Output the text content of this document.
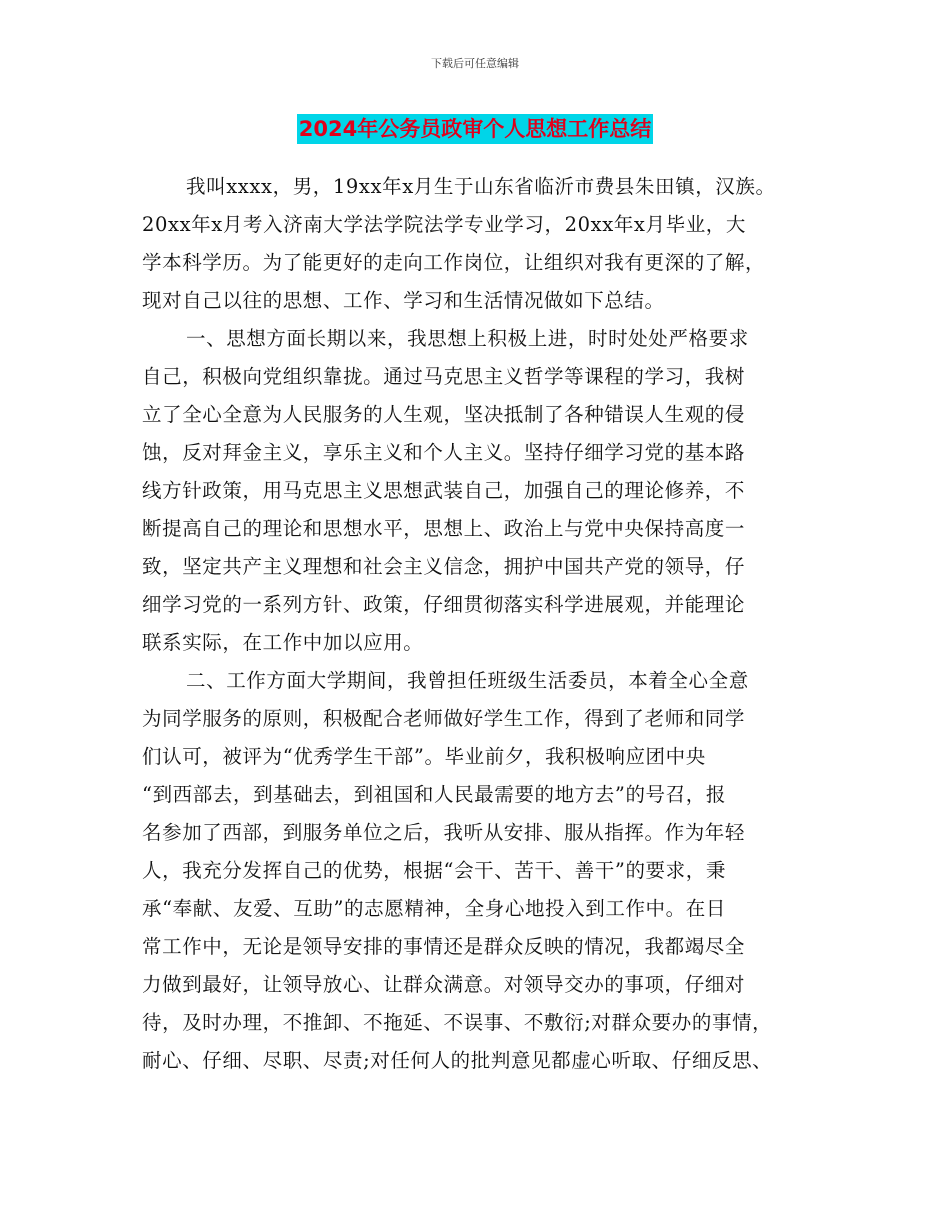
下载后可任意编辑
2024年公务员政审个人思想工作总结
我叫xxxx，男，19xx年x月生于山东省临沂市费县朱田镇，汉族。
20xx年x月考入济南大学法学院法学专业学习，20xx年x月毕业，大
学本科学历。为了能更好的走向工作岗位，让组织对我有更深的了解，
现对自己以往的思想、工作、学习和生活情况做如下总结。
一、思想方面长期以来，我思想上积极上进，时时处处严格要求
自己，积极向党组织靠拢。通过马克思主义哲学等课程的学习，我树
立了全心全意为人民服务的人生观，坚决抵制了各种错误人生观的侵
蚀，反对拜金主义，享乐主义和个人主义。坚持仔细学习党的基本路
线方针政策，用马克思主义思想武装自己，加强自己的理论修养，不
断提高自己的理论和思想水平，思想上、政治上与党中央保持高度一
致，坚定共产主义理想和社会主义信念，拥护中国共产党的领导，仔
细学习党的一系列方针、政策，仔细贯彻落实科学进展观，并能理论
联系实际，在工作中加以应用。
二、工作方面大学期间，我曾担任班级生活委员，本着全心全意
为同学服务的原则，积极配合老师做好学生工作，得到了老师和同学
们认可，被评为“优秀学生干部”。毕业前夕，我积极响应团中央
“到西部去，到基础去，到祖国和人民最需要的地方去”的号召，报
名参加了西部，到服务单位之后，我听从安排、服从指挥。作为年轻
人，我充分发挥自己的优势，根据“会干、苦干、善干”的要求，秉
承“奉献、友爱、互助”的志愿精神，全身心地投入到工作中。在日
常工作中，无论是领导安排的事情还是群众反映的情况，我都竭尽全
力做到最好，让领导放心、让群众满意。对领导交办的事项，仔细对
待，及时办理，不推卸、不拖延、不误事、不敷衍;对群众要办的事情，
耐心、仔细、尽职、尽责;对任何人的批判意见都虚心听取、仔细反思、
